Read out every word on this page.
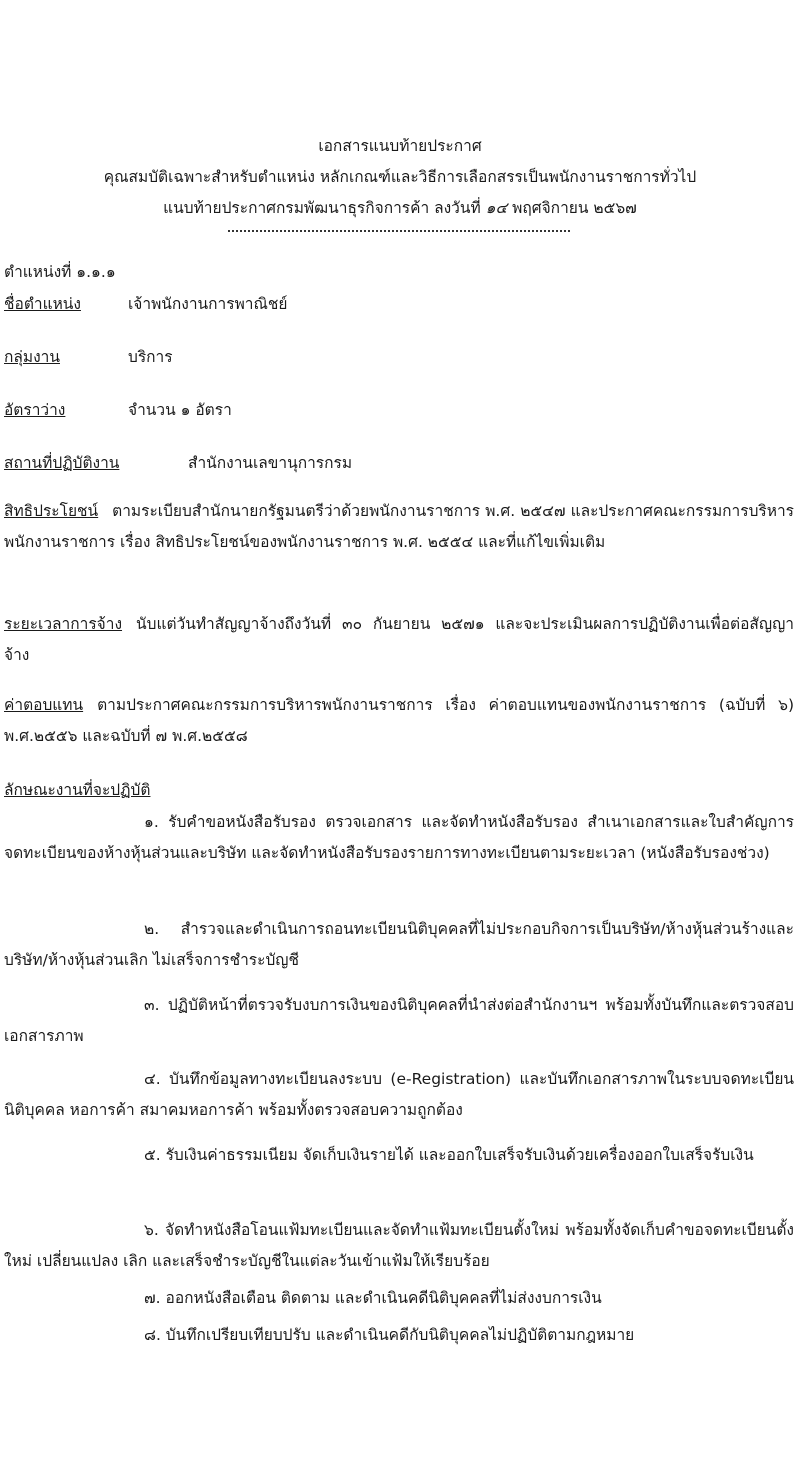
เอกสารแนบท้ายประกาศ
คุณสมบัติเฉพาะสำหรับตำแหน่ง หลักเกณฑ์และวิธีการเลือกสรรเป็นพนักงานราชการทั่วไป
แนบท้ายประกาศกรมพัฒนาธุรกิจการค้า ลงวันที่ ๑๔ พฤศจิกายน ๒๕๖๗
ตำแหน่งที่ ๑.๑.๑
ชื่อตำแหน่ง	เจ้าพนักงานการพาณิชย์
กลุ่มงาน	บริการ
อัตราว่าง	จำนวน ๑ อัตรา
สถานที่ปฏิบัติงาน	สำนักงานเลขานุการกรม
สิทธิประโยชน์ ตามระเบียบสำนักนายกรัฐมนตรีว่าด้วยพนักงานราชการ พ.ศ. ๒๕๔๗ และประกาศคณะกรรมการบริหารพนักงานราชการ เรื่อง สิทธิประโยชน์ของพนักงานราชการ พ.ศ. ๒๕๕๔ และที่แก้ไขเพิ่มเติม
ระยะเวลาการจ้าง นับแต่วันทำสัญญาจ้างถึงวันที่ ๓๐ กันยายน ๒๕๗๑ และจะประเมินผลการปฏิบัติงานเพื่อต่อสัญญาจ้าง
ค่าตอบแทน ตามประกาศคณะกรรมการบริหารพนักงานราชการ เรื่อง ค่าตอบแทนของพนักงานราชการ (ฉบับที่ ๖) พ.ศ.๒๕๕๖ และฉบับที่ ๗ พ.ศ.๒๕๕๘
ลักษณะงานที่จะปฏิบัติ
๑. รับคำขอหนังสือรับรอง ตรวจเอกสาร และจัดทำหนังสือรับรอง สำเนาเอกสารและใบสำคัญการจดทะเบียนของห้างหุ้นส่วนและบริษัท และจัดทำหนังสือรับรองรายการทางทะเบียนตามระยะเวลา (หนังสือรับรองช่วง)
๒. สำรวจและดำเนินการถอนทะเบียนนิติบุคคลที่ไม่ประกอบกิจการเป็นบริษัท/ห้างหุ้นส่วนร้างและบริษัท/ห้างหุ้นส่วนเลิก ไม่เสร็จการชำระบัญชี
๓. ปฏิบัติหน้าที่ตรวจรับงบการเงินของนิติบุคคลที่นำส่งต่อสำนักงานฯ พร้อมทั้งบันทึกและตรวจสอบเอกสารภาพ
๔. บันทึกข้อมูลทางทะเบียนลงระบบ (e-Registration) และบันทึกเอกสารภาพในระบบจดทะเบียนนิติบุคคล หอการค้า สมาคมหอการค้า พร้อมทั้งตรวจสอบความถูกต้อง
๕. รับเงินค่าธรรมเนียม จัดเก็บเงินรายได้ และออกใบเสร็จรับเงินด้วยเครื่องออกใบเสร็จรับเงิน
๖. จัดทำหนังสือโอนแฟ้มทะเบียนและจัดทำแฟ้มทะเบียนตั้งใหม่ พร้อมทั้งจัดเก็บคำขอจดทะเบียนตั้งใหม่ เปลี่ยนแปลง เลิก และเสร็จชำระบัญชีในแต่ละวันเข้าแฟ้มให้เรียบร้อย
๗. ออกหนังสือเตือน ติดตาม และดำเนินคดีนิติบุคคลที่ไม่ส่งงบการเงิน
๘. บันทึกเปรียบเทียบปรับ และดำเนินคดีกับนิติบุคคลไม่ปฏิบัติตามกฎหมาย
